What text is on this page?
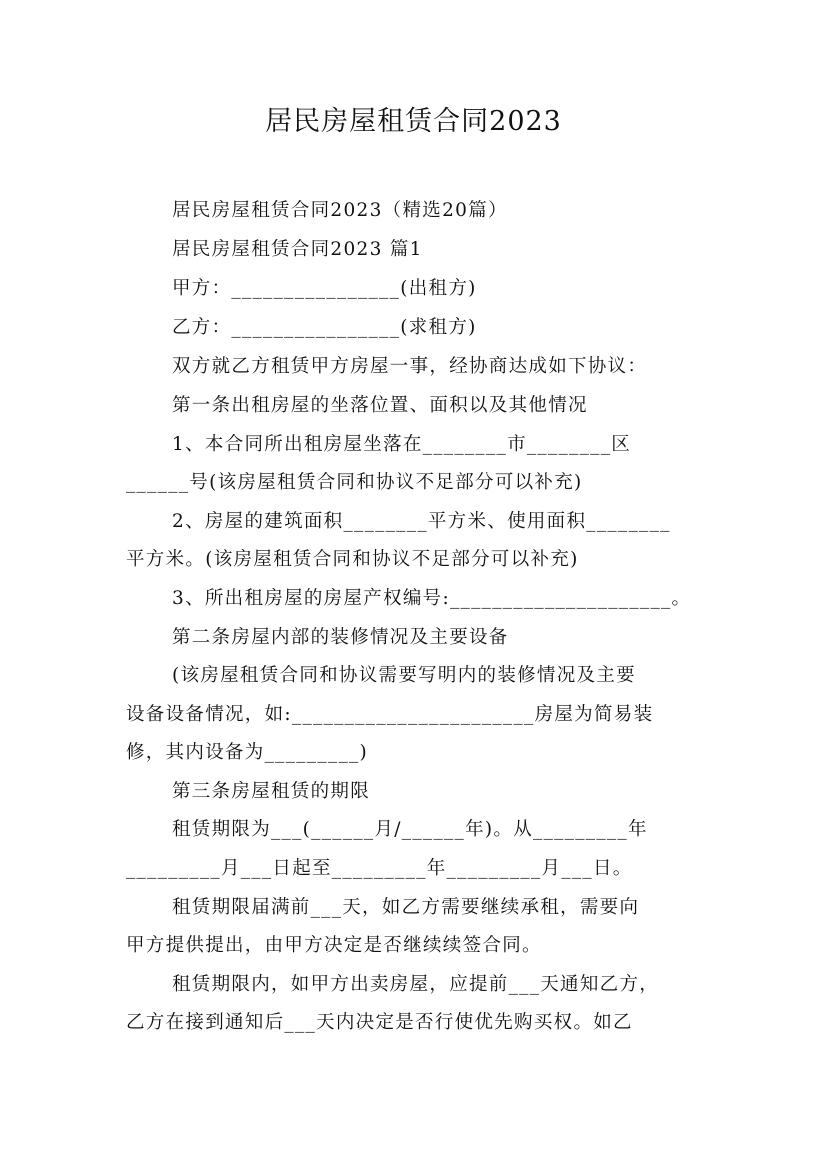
居民房屋租赁合同2023
居民房屋租赁合同2023（精选20篇）
居民房屋租赁合同2023 篇1
甲方：________________(出租方)
乙方：________________(求租方)
双方就乙方租赁甲方房屋一事，经协商达成如下协议：
第一条出租房屋的坐落位置、面积以及其他情况
1、本合同所出租房屋坐落在________市________区
______号(该房屋租赁合同和协议不足部分可以补充)
2、房屋的建筑面积________平方米、使用面积________
平方米。(该房屋租赁合同和协议不足部分可以补充)
3、所出租房屋的房屋产权编号:_____________________。
第二条房屋内部的装修情况及主要设备
(该房屋租赁合同和协议需要写明内的装修情况及主要
设备设备情况，如:_______________________房屋为简易装
修，其内设备为_________)
第三条房屋租赁的期限
租赁期限为___(______月/______年)。从_________年
_________月___日起至_________年_________月___日。
租赁期限届满前___天，如乙方需要继续承租，需要向
甲方提供提出，由甲方决定是否继续续签合同。
租赁期限内，如甲方出卖房屋，应提前___天通知乙方，
乙方在接到通知后___天内决定是否行使优先购买权。如乙
